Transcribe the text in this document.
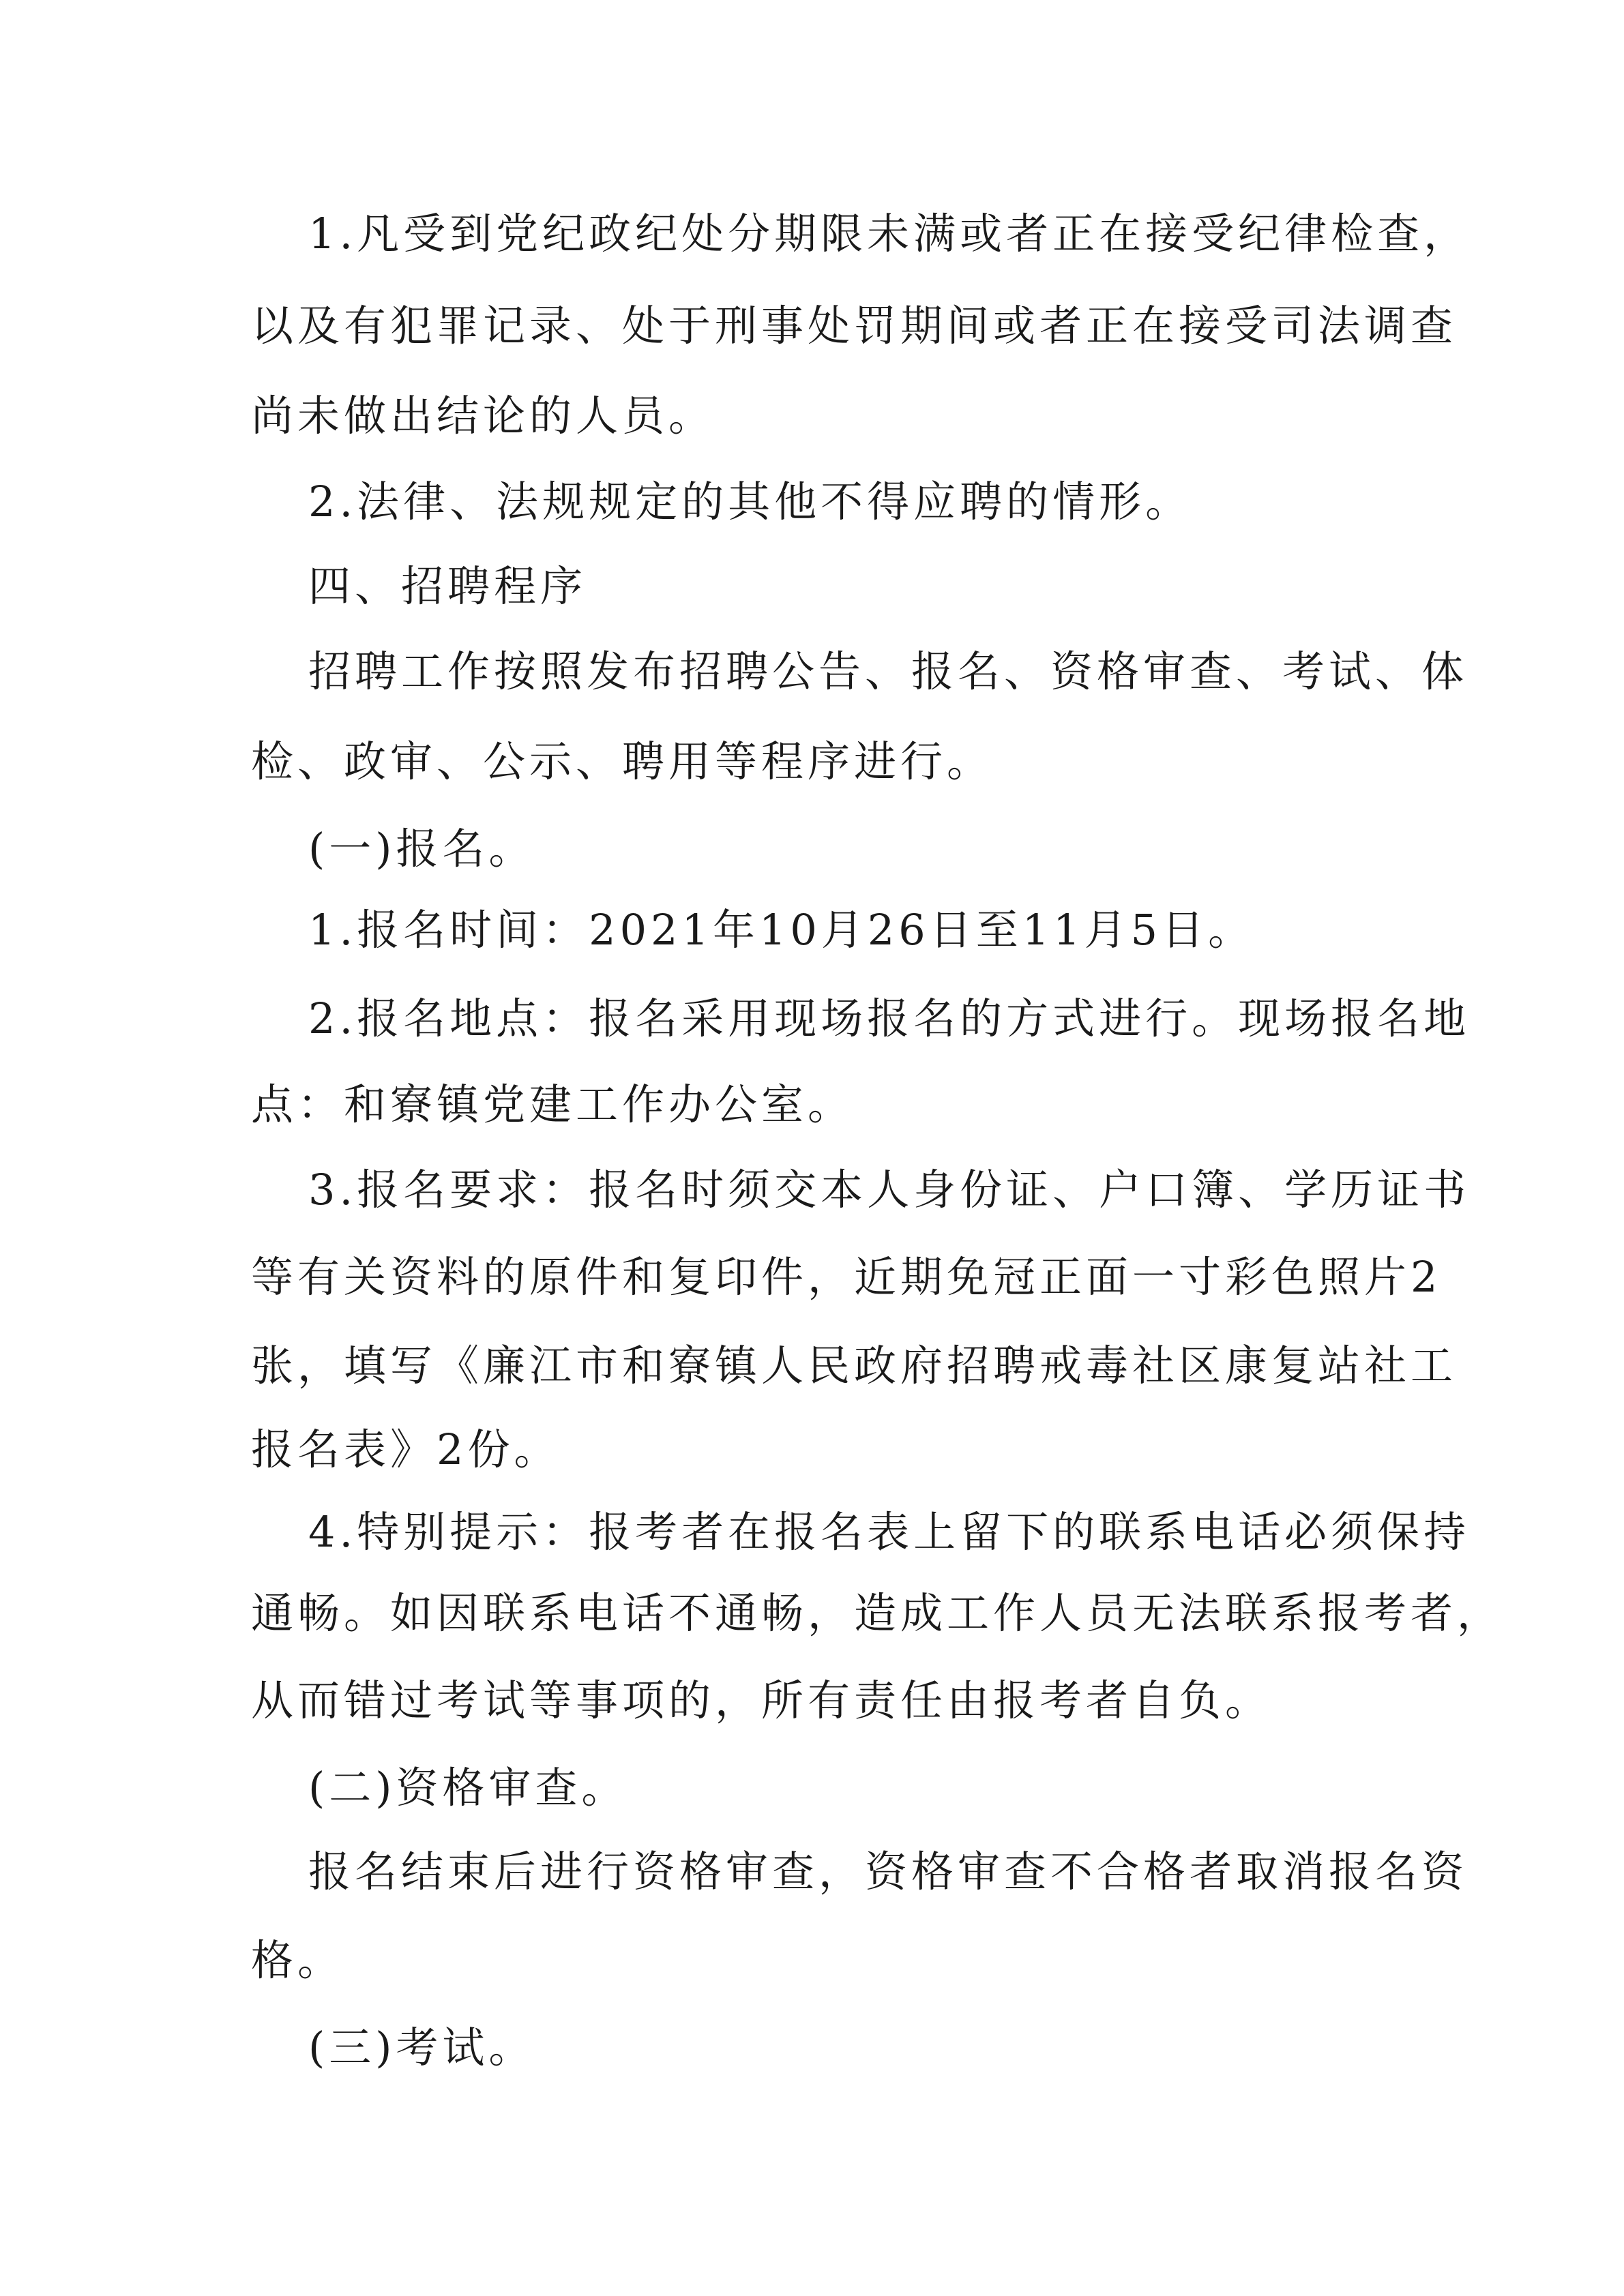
1.凡受到党纪政纪处分期限未满或者正在接受纪律检查，
以及有犯罪记录、处于刑事处罚期间或者正在接受司法调查
尚未做出结论的人员。
2.法律、法规规定的其他不得应聘的情形。
四、招聘程序
招聘工作按照发布招聘公告、报名、资格审查、考试、体
检、政审、公示、聘用等程序进行。
(一)报名。
1.报名时间：2021年10月26日至11月5日。
2.报名地点：报名采用现场报名的方式进行。现场报名地
点：和寮镇党建工作办公室。
3.报名要求：报名时须交本人身份证、户口簿、学历证书
等有关资料的原件和复印件，近期免冠正面一寸彩色照片2
张，填写《廉江市和寮镇人民政府招聘戒毒社区康复站社工
报名表》2份。
4.特别提示：报考者在报名表上留下的联系电话必须保持
通畅。如因联系电话不通畅，造成工作人员无法联系报考者，
从而错过考试等事项的，所有责任由报考者自负。
(二)资格审查。
报名结束后进行资格审查，资格审查不合格者取消报名资
格。
(三)考试。
